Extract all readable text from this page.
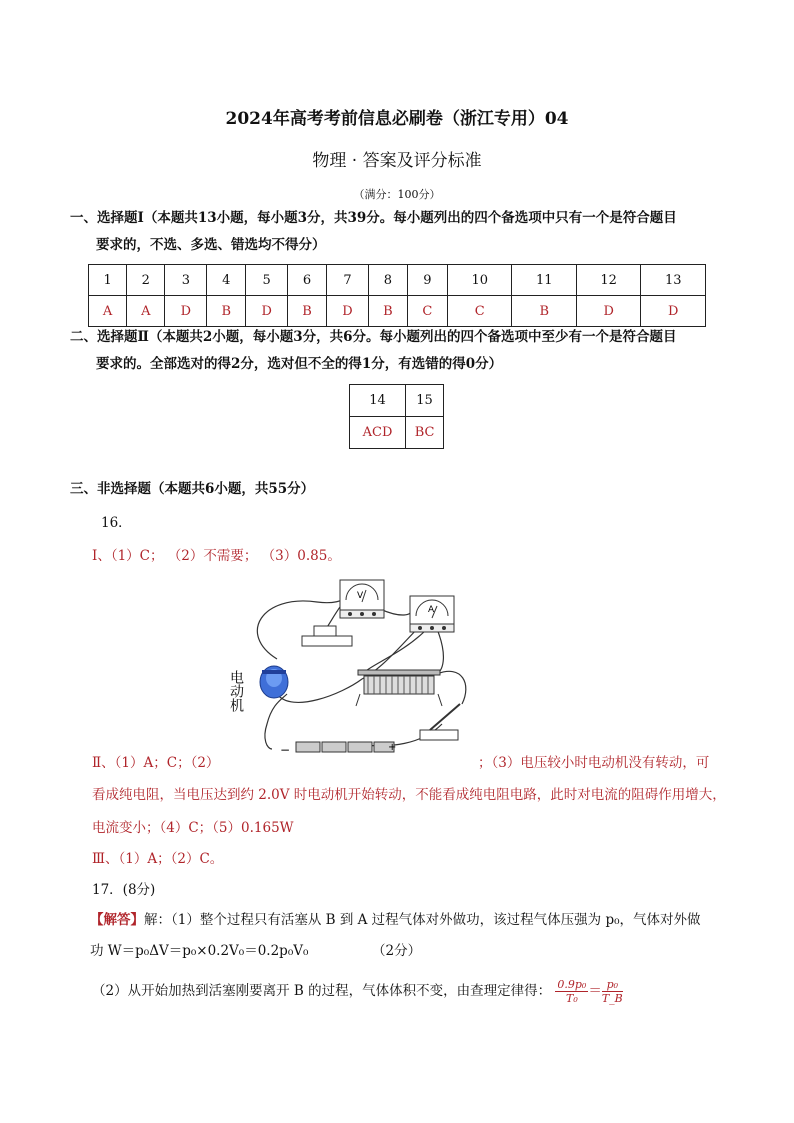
2024年高考考前信息必刷卷（浙江专用）04
物理 · 答案及评分标准
（满分：100分）
一、选择题Ⅰ（本题共13小题，每小题3分，共39分。每小题列出的四个备选项中只有一个是符合题目
要求的，不选、多选、错选均不得分）
1	2	3	4	5	6	7	8	9	10	11	12	13
A	A	D	B	D	B	D	B	C	C	B	D	D
二、选择题Ⅱ（本题共2小题，每小题3分，共6分。每小题列出的四个备选项中至少有一个是符合题目
要求的。全部选对的得2分，选对但不全的得1分，有选错的得0分）
14	15
ACD	BC
三、非选择题（本题共6小题，共55分）
16．
Ⅰ、（1）C； （2）不需要； （3）0.85。
V
A
电动机
−	+
Ⅱ、（1）A；C；（2）	；（3）电压较小时电动机没有转动，可
看成纯电阻，当电压达到约 2.0V 时电动机开始转动，不能看成纯电阻电路，此时对电流的阻碍作用增大，
电流变小；（4）C；（5）0.165W
Ⅲ、（1）A；（2）C。
17．(8分)
【解答】解：（1）整个过程只有活塞从 B 到 A 过程气体对外做功，该过程气体压强为 p₀，气体对外做
功 W＝p₀ΔV＝p₀×0.2V₀＝0.2p₀V₀	（2分）
（2）从开始加热到活塞刚要离开 B 的过程，气体体积不变，由查理定律得： $\frac{\text{0.9p₀}}{\text{T₀}} = \frac{\text{p₀}}{T\_B}$
